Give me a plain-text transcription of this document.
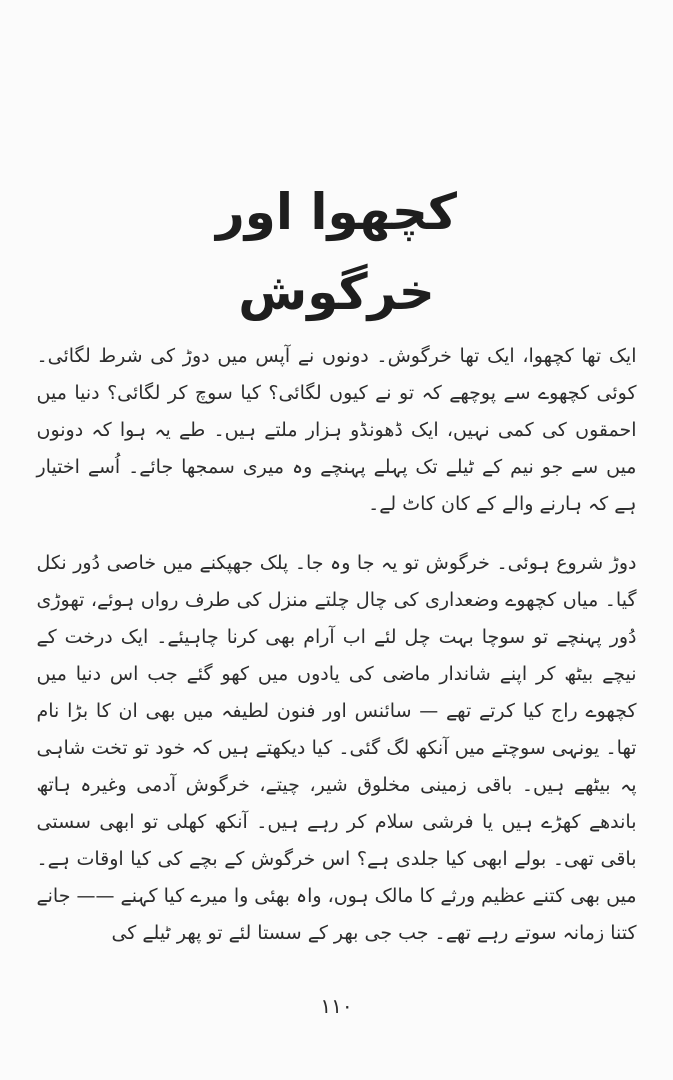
کچھوا اور خرگوش

ایک تھا کچھوا، ایک تھا خرگوش۔ دونوں نے آپس میں دوڑ کی شرط لگائی۔ کوئی کچھوے سے پوچھے کہ تو نے کیوں لگائی؟ کیا سوچ کر لگائی؟ دنیا میں احمقوں کی کمی نہیں، ایک ڈھونڈو ہزار ملتے ہیں۔ طے یہ ہوا کہ دونوں میں سے جو نیم کے ٹیلے تک پہلے پہنچے وہ میری سمجھا جائے۔ اُسے اختیار ہے کہ ہارنے والے کے کان کاٹ لے۔

دوڑ شروع ہوئی۔ خرگوش تو یہ جا وہ جا۔ پلک جھپکنے میں خاصی دُور نکل گیا۔ میاں کچھوے وضعداری کی چال چلتے منزل کی طرف رواں ہوئے، تھوڑی دُور پہنچے تو سوچا بہت چل لئے اب آرام بھی کرنا چاہیئے۔ ایک درخت کے نیچے بیٹھ کر اپنے شاندار ماضی کی یادوں میں کھو گئے جب اس دنیا میں کچھوے راج کیا کرتے تھے — سائنس اور فنون لطیفہ میں بھی ان کا بڑا نام تھا۔ یونہی سوچتے میں آنکھ لگ گئی۔ کیا دیکھتے ہیں کہ خود تو تخت شاہی پہ بیٹھے ہیں۔ باقی زمینی مخلوق شیر، چیتے، خرگوش آدمی وغیرہ ہاتھ باندھے کھڑے ہیں یا فرشی سلام کر رہے ہیں۔ آنکھ کھلی تو ابھی سستی باقی تھی۔ بولے ابھی کیا جلدی ہے؟ اس خرگوش کے بچے کی کیا اوقات ہے۔ میں بھی کتنے عظیم ورثے کا مالک ہوں، واہ بھئی وا میرے کیا کہنے —— جانے کتنا زمانہ سوتے رہے تھے۔ جب جی بھر کے سستا لئے تو پھر ٹیلے کی

۱۱۰
